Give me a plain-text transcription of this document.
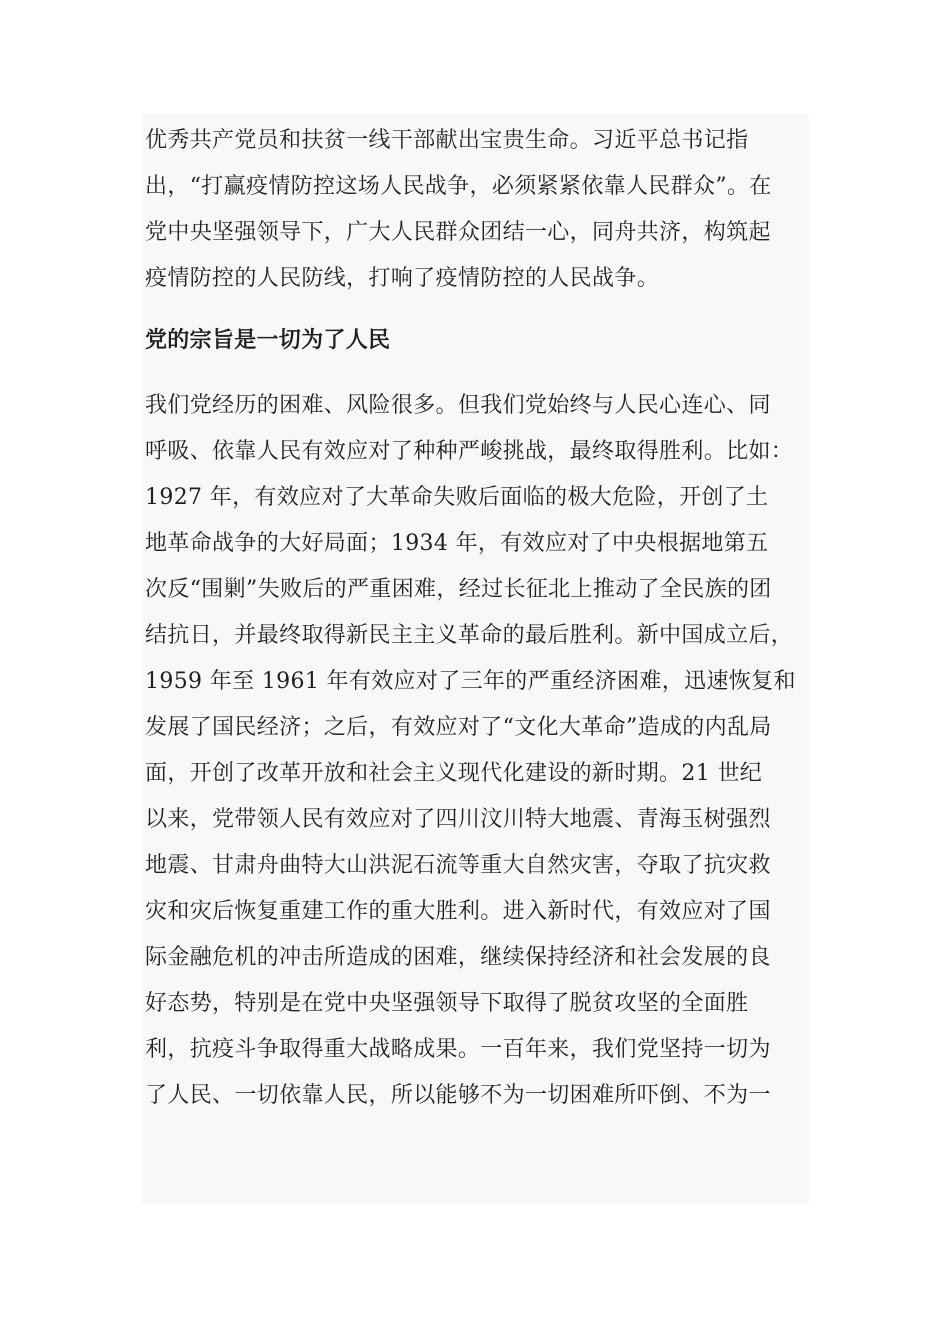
优秀共产党员和扶贫一线干部献出宝贵生命。习近平总书记指
出，“打赢疫情防控这场人民战争，必须紧紧依靠人民群众”。在
党中央坚强领导下，广大人民群众团结一心，同舟共济，构筑起
疫情防控的人民防线，打响了疫情防控的人民战争。
党的宗旨是一切为了人民
我们党经历的困难、风险很多。但我们党始终与人民心连心、同
呼吸、依靠人民有效应对了种种严峻挑战，最终取得胜利。比如：
1927 年，有效应对了大革命失败后面临的极大危险，开创了土
地革命战争的大好局面；1934 年，有效应对了中央根据地第五
次反“围剿”失败后的严重困难，经过长征北上推动了全民族的团
结抗日，并最终取得新民主主义革命的最后胜利。新中国成立后，
1959 年至 1961 年有效应对了三年的严重经济困难，迅速恢复和
发展了国民经济；之后，有效应对了“文化大革命”造成的内乱局
面，开创了改革开放和社会主义现代化建设的新时期。21 世纪
以来，党带领人民有效应对了四川汶川特大地震、青海玉树强烈
地震、甘肃舟曲特大山洪泥石流等重大自然灾害，夺取了抗灾救
灾和灾后恢复重建工作的重大胜利。进入新时代，有效应对了国
际金融危机的冲击所造成的困难，继续保持经济和社会发展的良
好态势，特别是在党中央坚强领导下取得了脱贫攻坚的全面胜
利，抗疫斗争取得重大战略成果。一百年来，我们党坚持一切为
了人民、一切依靠人民，所以能够不为一切困难所吓倒、不为一
